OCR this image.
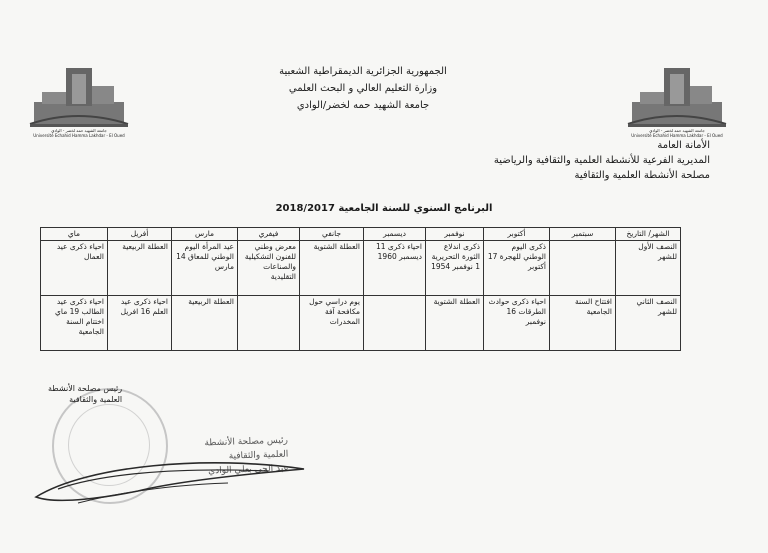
جامعة الشهيد حمه لخضر - الوادي
Université Echahid Hamma Lakhdar - El Oued
جامعة الشهيد حمه لخضر - الوادي
Université Echahid Hamma Lakhdar - El Oued
الجمهورية الجزائرية الديمقراطية الشعبية
وزارة التعليم العالي و البحث العلمي
جامعة الشهيد حمه لخضر/الوادي
الأمانة العامة
المديرية الفرعية للأنشطة العلمية والثقافية والرياضية
مصلحة الأنشطة العلمية والثقافية
البرنامج السنوي للسنة الجامعية 2018/2017
الشهر/ التاريخ	سبتمبر	أكتوبر	نوفمبر	ديسمبر	جانفي	فيفري	مارس	أفريل	ماي
النصف الأول للشهر		ذكرى اليوم الوطني للهجرة 17 أكتوبر	ذكرى اندلاع الثورة التحريرية 1 نوفمبر 1954	احياء ذكرى 11 ديسمبر 1960	العطلة الشتوية	معرض وطني للفنون التشكيلية والصناعات التقليدية	عيد المرأة اليوم الوطني للمعاق 14 مارس	العطلة الربيعية	احياء ذكرى عيد العمال
النصف الثاني للشهر	افتتاح السنة الجامعية	احياء ذكرى حوادث الطرقات 16 نوفمبر	العطلة الشتوية		يوم دراسي حول مكافحة آفة المخدرات		العطلة الربيعية	احياء ذكرى عيد العلم 16 افريل	احياء ذكرى عيد الطالب 19 ماي اختتام السنة الجامعية
رئيس مصلحة الأنشطة
العلمية والثقافية
رئيس مصلحة الأنشطة
العلمية والثقافية
عبد الحي بعلي الوادي
